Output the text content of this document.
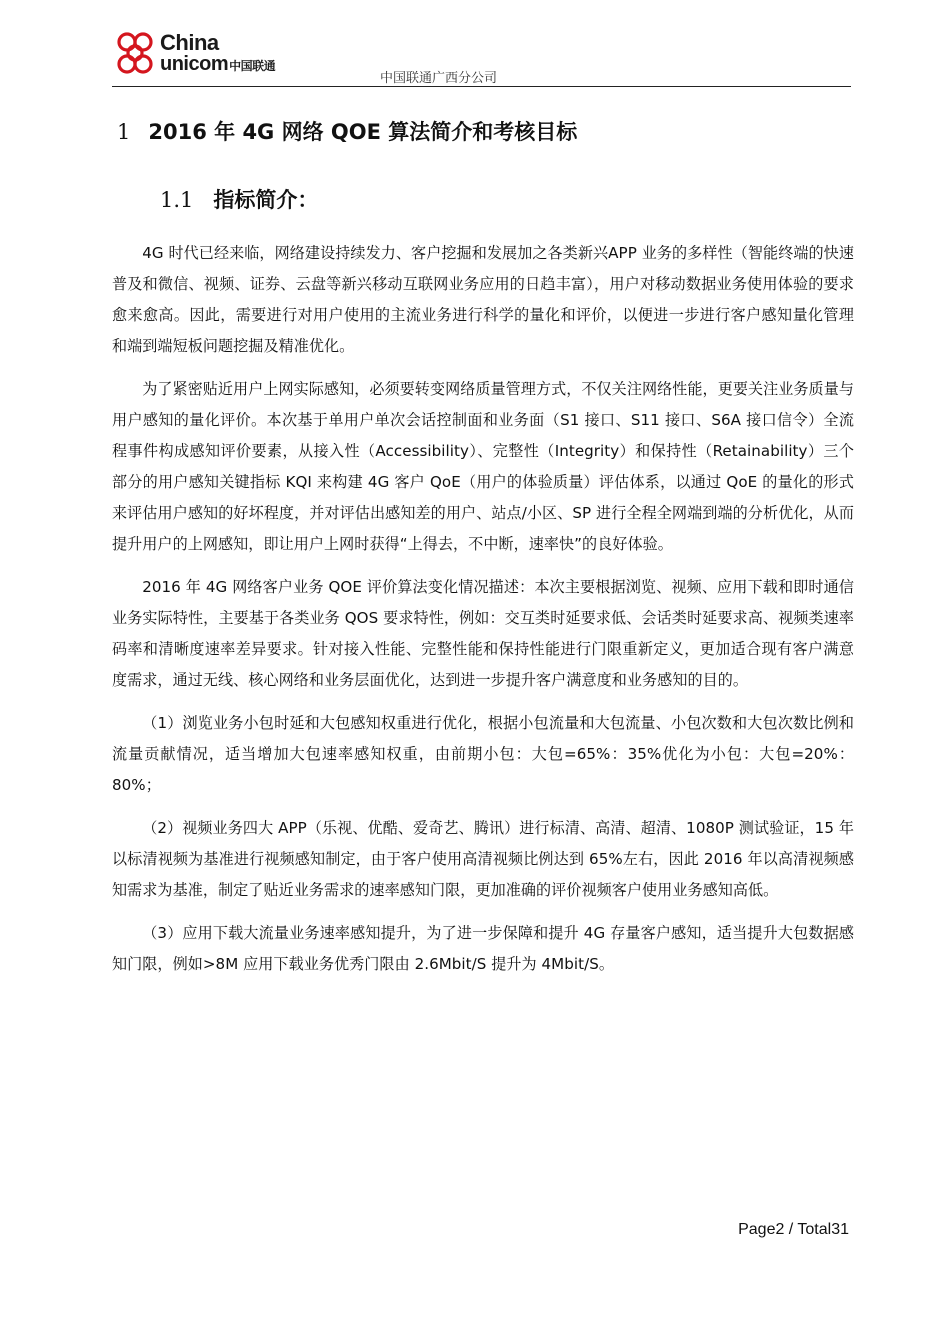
China
unicom中国联通
中国联通广西分公司
1 2016 年 4G 网络 QOE 算法简介和考核目标
1.1 指标简介：

4G 时代已经来临，网络建设持续发力、客户挖掘和发展加之各类新兴APP 业务的多样性（智能终端的快速普及和微信、视频、证券、云盘等新兴移动互联网业务应用的日趋丰富），用户对移动数据业务使用体验的要求愈来愈高。因此，需要进行对用户使用的主流业务进行科学的量化和评价，以便进一步进行客户感知量化管理和端到端短板问题挖掘及精准优化。

为了紧密贴近用户上网实际感知，必须要转变网络质量管理方式，不仅关注网络性能，更要关注业务质量与用户感知的量化评价。本次基于单用户单次会话控制面和业务面（S1 接口、S11 接口、S6A 接口信令）全流程事件构成感知评价要素，从接入性（Accessibility）、完整性（Integrity）和保持性（Retainability）三个部分的用户感知关键指标 KQI 来构建 4G 客户 QoE（用户的体验质量）评估体系，以通过 QoE 的量化的形式来评估用户感知的好坏程度，并对评估出感知差的用户、站点/小区、SP 进行全程全网端到端的分析优化，从而提升用户的上网感知，即让用户上网时获得“上得去，不中断，速率快”的良好体验。

2016 年 4G 网络客户业务 QOE 评价算法变化情况描述：本次主要根据浏览、视频、应用下载和即时通信业务实际特性，主要基于各类业务 QOS 要求特性，例如：交互类时延要求低、会话类时延要求高、视频类速率码率和清晰度速率差异要求。针对接入性能、完整性能和保持性能进行门限重新定义，更加适合现有客户满意度需求，通过无线、核心网络和业务层面优化，达到进一步提升客户满意度和业务感知的目的。

（1）浏览业务小包时延和大包感知权重进行优化，根据小包流量和大包流量、小包次数和大包次数比例和流量贡献情况，适当增加大包速率感知权重，由前期小包：大包=65%：35%优化为小包：大包=20%：80%；

（2）视频业务四大 APP（乐视、优酷、爱奇艺、腾讯）进行标清、高清、超清、1080P 测试验证，15 年以标清视频为基准进行视频感知制定，由于客户使用高清视频比例达到 65%左右，因此 2016 年以高清视频感知需求为基准，制定了贴近业务需求的速率感知门限，更加准确的评价视频客户使用业务感知高低。

（3）应用下载大流量业务速率感知提升，为了进一步保障和提升 4G 存量客户感知，适当提升大包数据感知门限，例如>8M 应用下载业务优秀门限由 2.6Mbit/S 提升为 4Mbit/S。

Page2 / Total31
